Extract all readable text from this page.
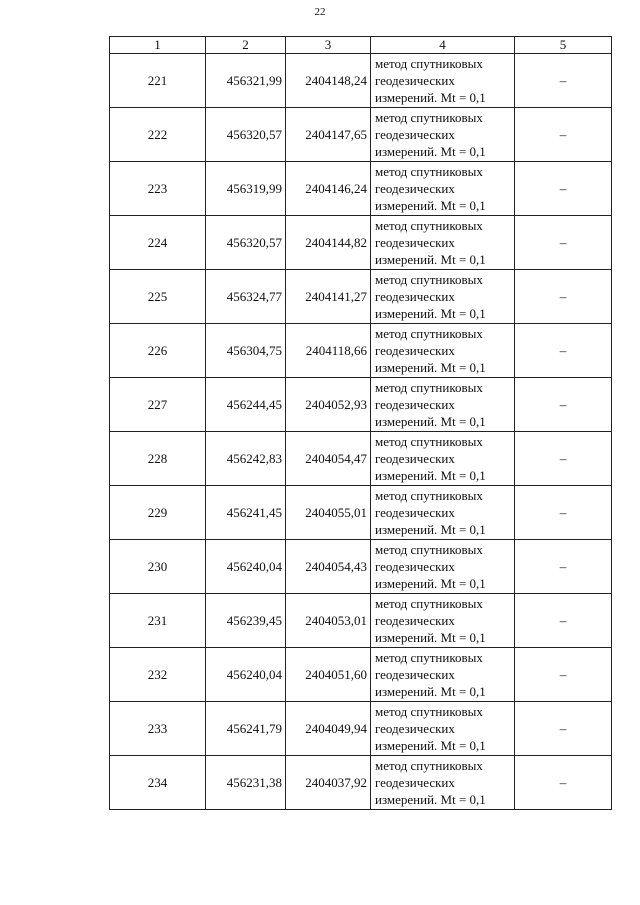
22
1	2	3	4	5
221	456321,99	2404148,24	метод спутниковых
геодезических
измерений. Mt = 0,1	–
222	456320,57	2404147,65	метод спутниковых
геодезических
измерений. Mt = 0,1	–
223	456319,99	2404146,24	метод спутниковых
геодезических
измерений. Mt = 0,1	–
224	456320,57	2404144,82	метод спутниковых
геодезических
измерений. Mt = 0,1	–
225	456324,77	2404141,27	метод спутниковых
геодезических
измерений. Mt = 0,1	–
226	456304,75	2404118,66	метод спутниковых
геодезических
измерений. Mt = 0,1	–
227	456244,45	2404052,93	метод спутниковых
геодезических
измерений. Mt = 0,1	–
228	456242,83	2404054,47	метод спутниковых
геодезических
измерений. Mt = 0,1	–
229	456241,45	2404055,01	метод спутниковых
геодезических
измерений. Mt = 0,1	–
230	456240,04	2404054,43	метод спутниковых
геодезических
измерений. Mt = 0,1	–
231	456239,45	2404053,01	метод спутниковых
геодезических
измерений. Mt = 0,1	–
232	456240,04	2404051,60	метод спутниковых
геодезических
измерений. Mt = 0,1	–
233	456241,79	2404049,94	метод спутниковых
геодезических
измерений. Mt = 0,1	–
234	456231,38	2404037,92	метод спутниковых
геодезических
измерений. Mt = 0,1	–
